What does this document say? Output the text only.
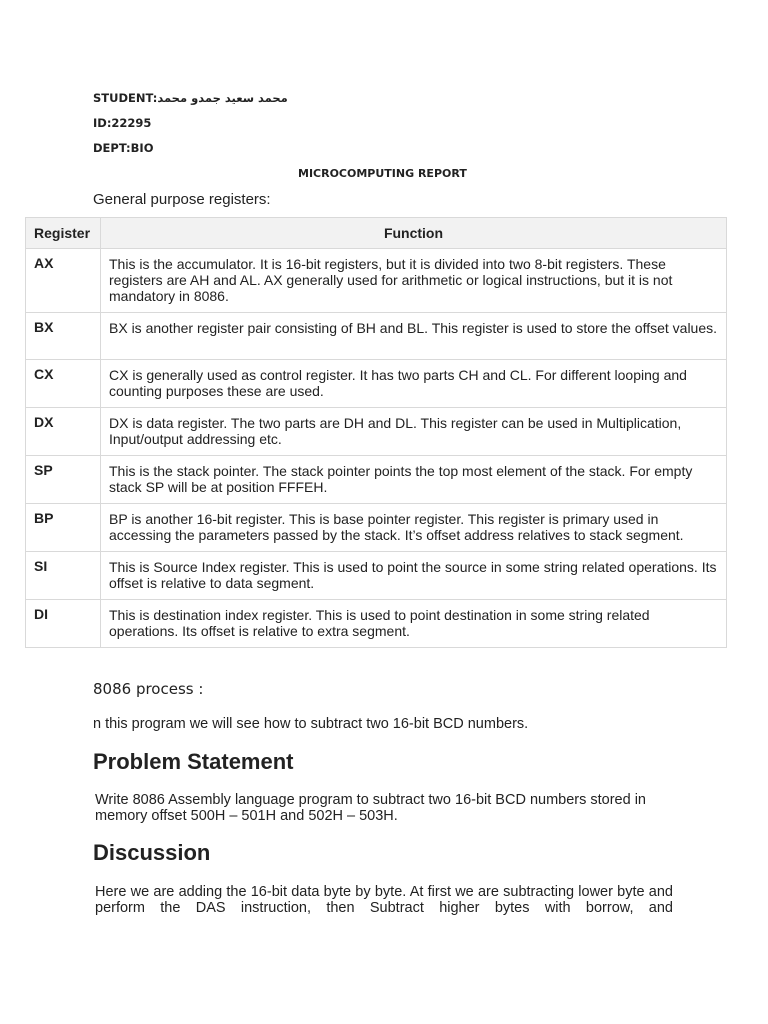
STUDENT:محمد سعيد جمدو محمد
ID:22295
DEPT:BIO
MICROCOMPUTING REPORT
General purpose registers:
Register	Function
AX	This is the accumulator. It is 16-bit registers, but it is divided into two 8-bit registers. These registers are AH and AL. AX generally used for arithmetic or logical instructions, but it is not mandatory in 8086.
BX	BX is another register pair consisting of BH and BL. This register is used to store the offset values.
CX	CX is generally used as control register. It has two parts CH and CL. For different looping and counting purposes these are used.
DX	DX is data register. The two parts are DH and DL. This register can be used in Multiplication, Input/output addressing etc.
SP	This is the stack pointer. The stack pointer points the top most element of the stack. For empty stack SP will be at position FFFEH.
BP	BP is another 16-bit register. This is base pointer register. This register is primary used in accessing the parameters passed by the stack. It’s offset address relatives to stack segment.
SI	This is Source Index register. This is used to point the source in some string related operations. Its offset is relative to data segment.
DI	This is destination index register. This is used to point destination in some string related operations. Its offset is relative to extra segment.
8086 process :
n this program we will see how to subtract two 16-bit BCD numbers.
Problem Statement
Write 8086 Assembly language program to subtract two 16-bit BCD numbers stored in memory offset 500H – 501H and 502H – 503H.
Discussion
Here we are adding the 16-bit data byte by byte. At first we are subtracting lower byte and perform the DAS instruction, then Subtract higher bytes with borrow, and
